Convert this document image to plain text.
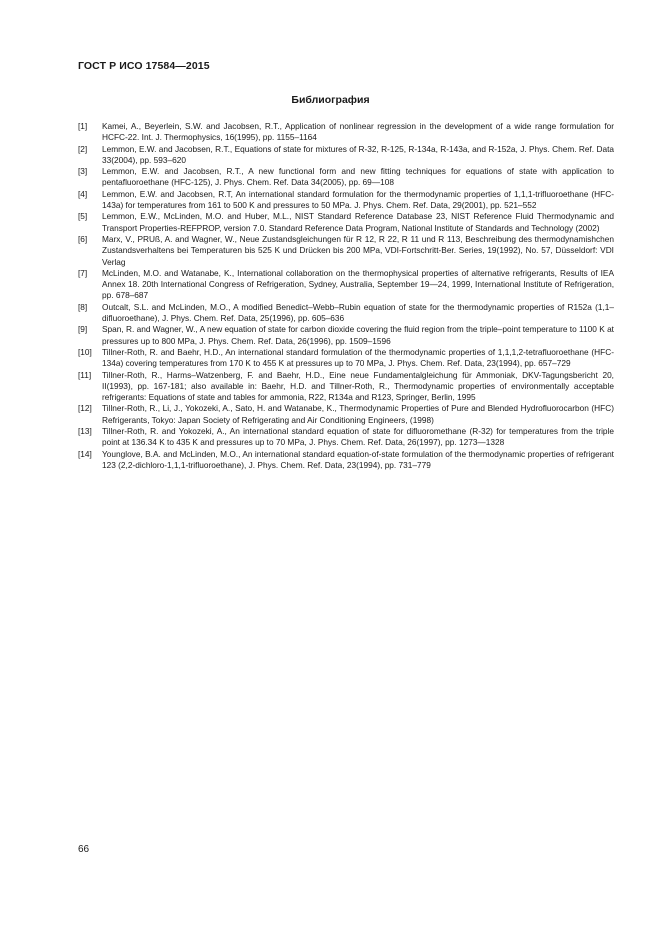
ГОСТ Р ИСО 17584—2015
Библиография
[1]	Kamei, A., Beyerlein, S.W. and Jacobsen, R.T., Application of nonlinear regression in the development of a wide range formulation for HCFC-22. Int. J. Thermophysics, 16(1995), pp. 1155–1164
[2]	Lemmon, E.W. and Jacobsen, R.T., Equations of state for mixtures of R-32, R-125, R-134a, R-143a, and R-152a, J. Phys. Chem. Ref. Data 33(2004), pp. 593–620
[3]	Lemmon, E.W. and Jacobsen, R.T., A new functional form and new fitting techniques for equations of state with application to pentafluoroethane (HFC-125), J. Phys. Chem. Ref. Data 34(2005), pp. 69—108
[4]	Lemmon, E.W. and Jacobsen, R.T, An international standard formulation for the thermodynamic properties of 1,1,1-trifluoroethane (HFC-143a) for temperatures from 161 to 500 K and pressures to 50 MPa. J. Phys. Chem. Ref. Data, 29(2001), pp. 521–552
[5]	Lemmon, E.W., McLinden, M.O. and Huber, M.L., NIST Standard Reference Database 23, NIST Reference Fluid Thermodynamic and Transport Properties-REFPROP, version 7.0. Standard Reference Data Program, National Institute of Standards and Technology (2002)
[6]	Marx, V., PRUß, A. and Wagner, W., Neue Zustandsgleichungen für R 12, R 22, R 11 und R 113, Beschreibung des thermodynamishchen Zustandsverhaltens bei Temperaturen bis 525 K und Drücken bis 200 MPa, VDI-Fortschritt-Ber. Series, 19(1992), No. 57, Düsseldorf: VDI Verlag
[7]	McLinden, M.O. and Watanabe, K., International collaboration on the thermophysical properties of alternative refrigerants, Results of IEA Annex 18. 20th International Congress of Refrigeration, Sydney, Australia, September 19—24, 1999, International Institute of Refrigeration, pp. 678–687
[8]	Outcalt, S.L. and McLinden, M.O., A modified Benedict–Webb–Rubin equation of state for the thermodynamic properties of R152a (1,1–difluoroethane), J. Phys. Chem. Ref. Data, 25(1996), pp. 605–636
[9]	Span, R. and Wagner, W., A new equation of state for carbon dioxide covering the fluid region from the triple–point temperature to 1100 K at pressures up to 800 MPa, J. Phys. Chem. Ref. Data, 26(1996), pp. 1509–1596
[10]	Tillner-Roth, R. and Baehr, H.D., An international standard formulation of the thermodynamic properties of 1,1,1,2-tetrafluoroethane (HFC-134a) covering temperatures from 170 K to 455 K at pressures up to 70 MPa, J. Phys. Chem. Ref. Data, 23(1994), pp. 657–729
[11]	Tillner-Roth, R., Harms–Watzenberg, F. and Baehr, H.D., Eine neue Fundamentalgleichung für Ammoniak, DKV-Tagungsbericht 20, II(1993), pp. 167-181; also available in: Baehr, H.D. and Tillner-Roth, R., Thermodynamic properties of environmentally acceptable refrigerants: Equations of state and tables for ammonia, R22, R134a and R123, Springer, Berlin, 1995
[12]	Tillner-Roth, R., Li, J., Yokozeki, A., Sato, H. and Watanabe, K., Thermodynamic Properties of Pure and Blended Hydrofluorocarbon (HFC) Refrigerants, Tokyo: Japan Society of Refrigerating and Air Conditioning Engineers, (1998)
[13]	Tillner-Roth, R. and Yokozeki, A., An international standard equation of state for difluoromethane (R-32) for temperatures from the triple point at 136.34 K to 435 K and pressures up to 70 MPa, J. Phys. Chem. Ref. Data, 26(1997), pp. 1273—1328
[14]	Younglove, B.A. and McLinden, M.O., An international standard equation-of-state formulation of the thermodynamic properties of refrigerant 123 (2,2-dichloro-1,1,1-trifluoroethane), J. Phys. Chem. Ref. Data, 23(1994), pp. 731–779
66
